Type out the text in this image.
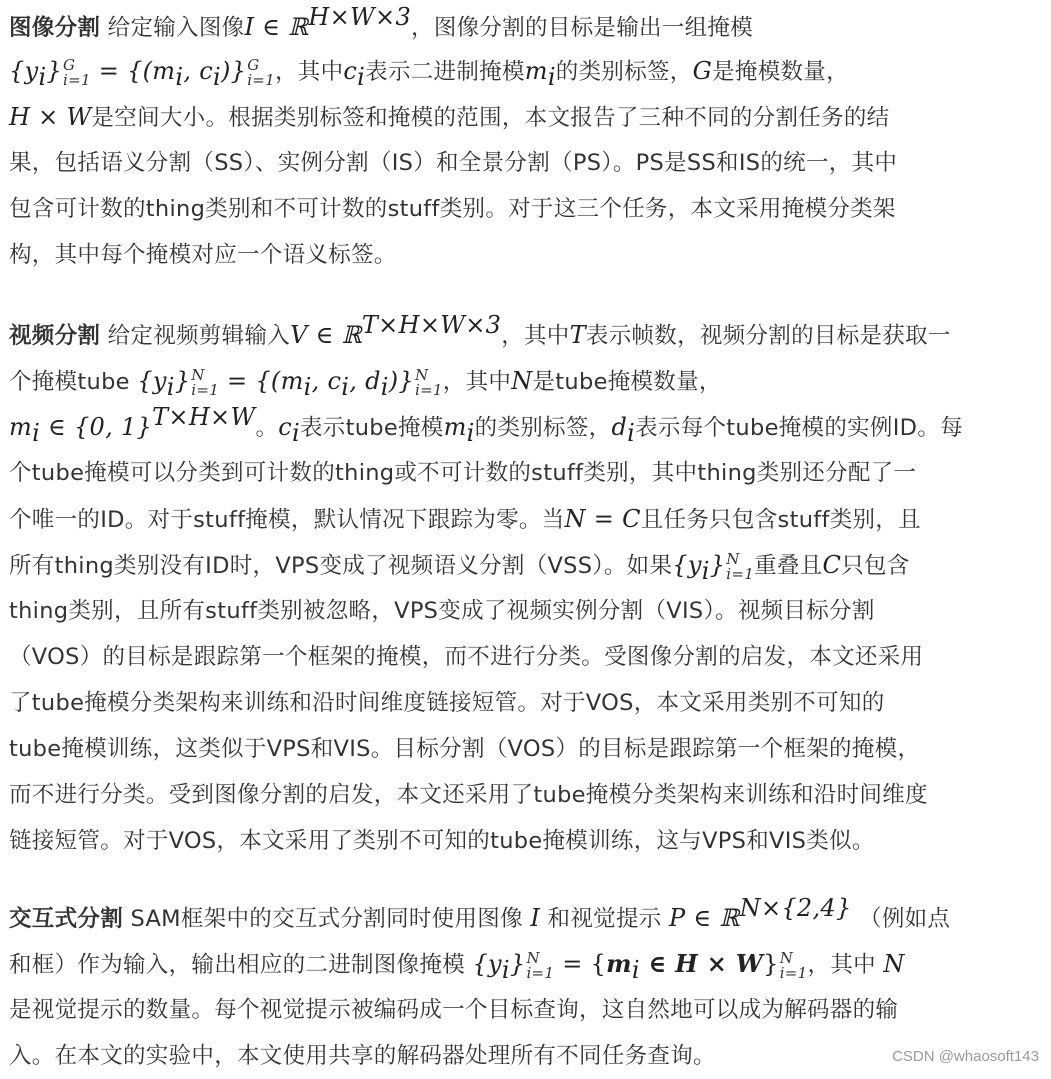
图像分割 给定输入图像I ∈ ℝ$^{H\times W\times 3}$，图像分割的目标是输出一组掩模
$\{y_i\}$ G
$i=1 = \{(m_i$, $c_i$)} G
i=1 ，其中$c_i$表示二进制掩模$m_i$的类别标签，G是掩模数量，
H × W是空间大小。根据类别标签和掩模的范围，本文报告了三种不同的分割任务的结
果，包括语义分割（SS）、实例分割（IS）和全景分割（PS）。PS是SS和IS的统一，其中
包含可计数的thing类别和不可计数的stuff类别。对于这三个任务，本文采用掩模分类架
构，其中每个掩模对应一个语义标签。
视频分割 给定视频剪辑输入V ∈ ℝ$^{T\times H\times W\times 3}$，其中T表示帧数，视频分割的目标是获取一
个掩模tube $\{y_i\}$ N
$i=1 = \{(m_i$, $c_i$, $d_i$)} N
i=1 ，其中N是tube掩模数量，
$m_i$ ∈ {0, 1}$^{T\times H\times W}$。$c_i$表示tube掩模$m_i$的类别标签，$d_i$表示每个tube掩模的实例ID。每
个tube掩模可以分类到可计数的thing或不可计数的stuff类别，其中thing类别还分配了一
个唯一的ID。对于stuff掩模，默认情况下跟踪为零。当N = C且任务只包含stuff类别，且
所有thing类别没有ID时，VPS变成了视频语义分割（VSS）。如果$\{y_i\}$ N
i=1 重叠且C只包含
thing类别，且所有stuff类别被忽略，VPS变成了视频实例分割（VIS）。视频目标分割
（VOS）的目标是跟踪第一个框架的掩模，而不进行分类。受图像分割的启发，本文还采用
了tube掩模分类架构来训练和沿时间维度链接短管。对于VOS，本文采用类别不可知的
tube掩模训练，这类似于VPS和VIS。目标分割（VOS）的目标是跟踪第一个框架的掩模，
而不进行分类。受到图像分割的启发，本文还采用了tube掩模分类架构来训练和沿时间维度
链接短管。对于VOS，本文采用了类别不可知的tube掩模训练，这与VPS和VIS类似。
交互式分割 SAM框架中的交互式分割同时使用图像 I 和视觉提示 P ∈ ℝ$^{N\times\{2,4\}}$ （例如点
和框）作为输入，输出相应的二进制图像掩模 $\{y_i\}$ N
$i=1 = \{m_i$ ∈ H × W} N
i=1 ，其中 N
是视觉提示的数量。每个视觉提示被编码成一个目标查询，这自然地可以成为解码器的输
入。在本文的实验中，本文使用共享的解码器处理所有不同任务查询。	CSDN @whaosoft143
